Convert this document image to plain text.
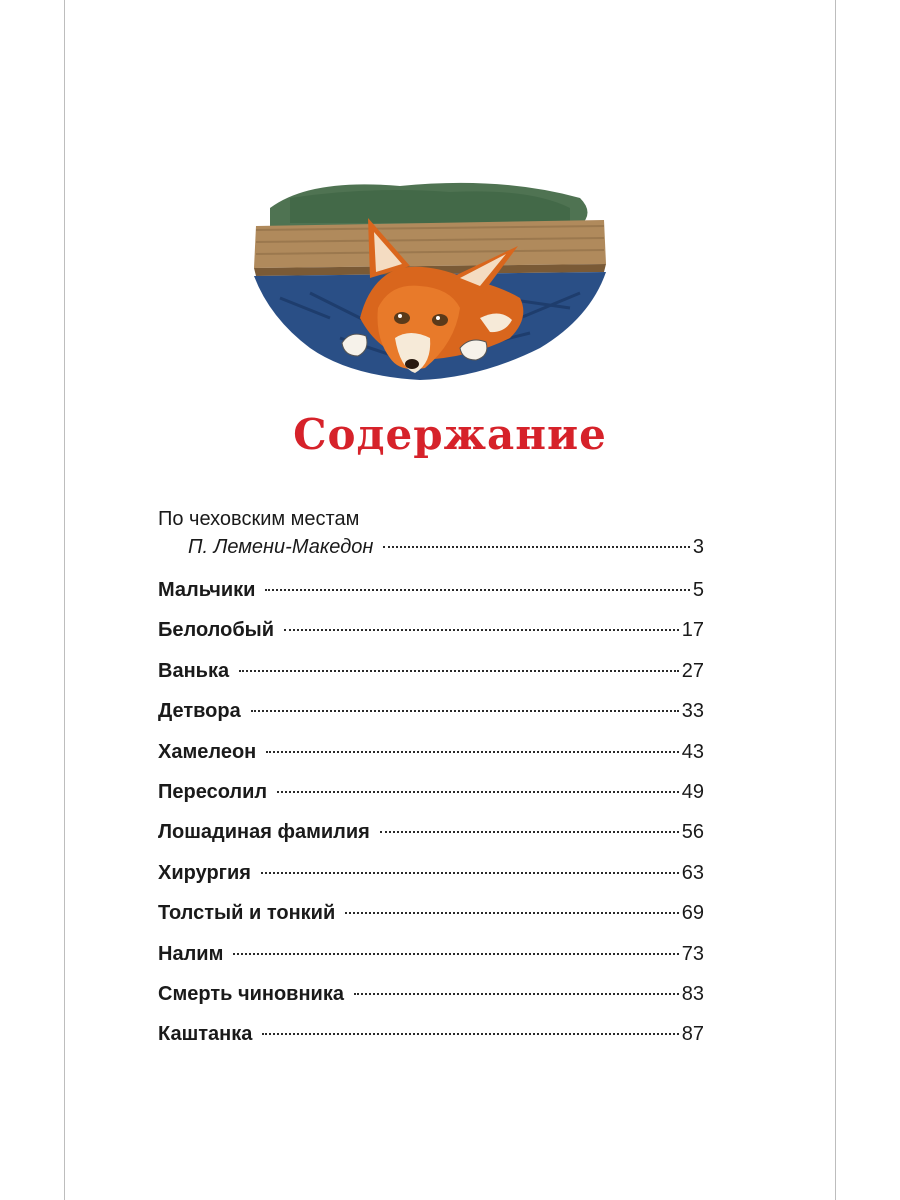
Содержание
По чеховским местам
П. Лемени-Македон	3
Мальчики	5
Белолобый	17
Ванька	27
Детвора	33
Хамелеон	43
Пересолил	49
Лошадиная фамилия	56
Хирургия	63
Толстый и тонкий	69
Налим	73
Смерть чиновника	83
Каштанка	87
